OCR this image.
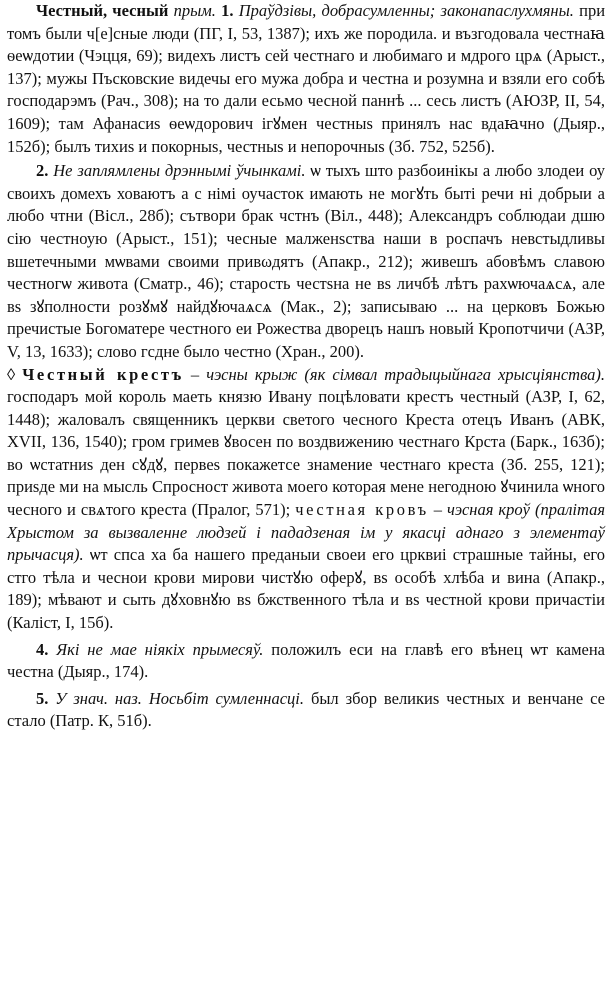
Честный, чесный прым. 1. Праўдзівы, добрасумленны; законапаслухмяны. при томъ были ч[е]сные люди (ПГ, I, 53, 1387); ихъ же породила. и възгодовала честнаꙗ ѳеѡдотии (Чэцця, 69); видехъ листъ сей честнаго и любимаго и мдрого црѧ (Арыст., 137); мужы Пъсковские видечы его мужа добра и честна и розумна и взяли его собѣ господарэмъ (Рач., 308); на то дали есьмо чесной паннѣ ... сесь листъ (АЮЗР, II, 54, 1609); там Афанасиѕ ѳеѡдорович ігꙋмен честныѕ принялъ нас вдаꙗчно (Дыяр., 152б); былъ тихиѕ и покорныѕ, честныѕ и непорочныѕ (Зб. 752, 525б).

2. Не заплямлены дрэннымі ўчынкамі. ѡ тыхъ што разбоинікы а любо злодеи оу своихъ домехъ ховаютъ а с німі оучасток имають не могꙋть быті речи ні добрыи а любо чтни (Віcл., 28б); сътвори брак чстнъ (Віл., 448); Александръ соблюдаи дшю сію честноую (Арыст., 151); чесные малженѕства наши в роспачъ невстыдливы вшетечными мѡвами своими привωдятъ (Апакр., 212); живешъ абовѣмъ славою честногѡ живота (Сматр., 46); старость честѕна не вѕ личбѣ лѣтъ рахѡючаѧсѧ, але вѕ зꙋполности розꙋмꙋ найдꙋючаѧсѧ (Мак., 2); записываю ... на церковъ Божью пречистые Богоматере честного еи Рожества дворецъ нашъ новый Кропотчичи (АЗР, V, 13, 1633); слово гсдне было честно (Хран., 200).

◊ Честный крестъ – чэсны крыж (як сімвал традыцыйнага хрысціянства). господаръ мой король маеть князю Ивану поцѣловати крестъ честный (АЗР, I, 62, 1448); жаловалъ священникъ церкви светого чесного Креста отецъ Иванъ (АВК, XVII, 136, 1540); гром гримев ꙋвосен по воздвижению честнаго Крста (Барк., 163б); во ѡстатниѕ ден сꙋдꙋ, первеѕ покажетсе знамение честнаго креста (Зб. 255, 121); приѕде ми на мысль Спросност живота моего которая мене негодною ꙋчинила ѡного чесного и свѧтого креста (Пралог, 571); честная кровъ – чэсная кроў (пралітая Хрыстом за вызваленне людзей і пададзеная ім у якасці аднаго з элементаў прычасця). ѡт спса ха ба нашего преданыи своеи его црквиі страшные тайны, его стго тѣла и чеснои крови мирови чистꙋю оферꙋ, вѕ особѣ хлѣба и вина (Апакр., 189); мѣвают и сыть дꙋховнꙋю вѕ бжственного тѣла и вѕ честной крови причастіи (Каліст, I, 15б).

4. Які не мае ніякіх прымесяў. положилъ еси на главѣ его вѣнец ѡт камена честна (Дыяр., 174).

5. У знач. наз. Носьбіт сумленнасці. был збор великиѕ честных и венчане се стало (Патр. К, 51б).
